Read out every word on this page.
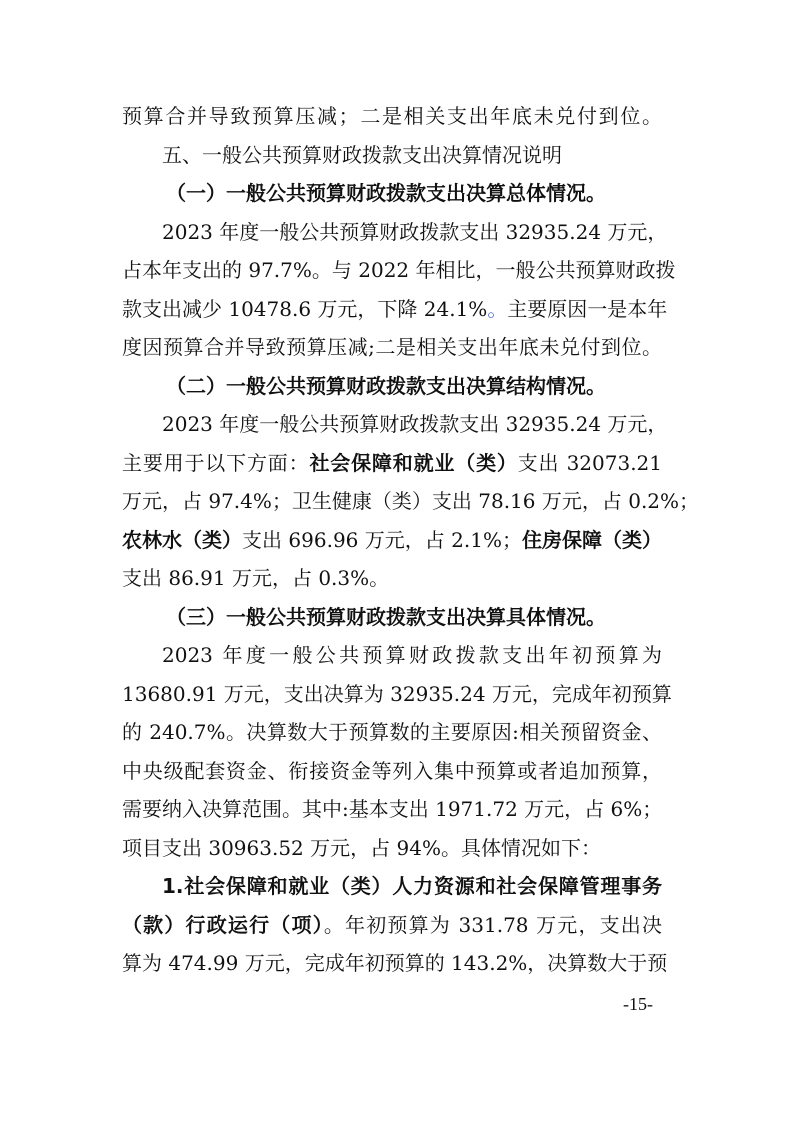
预算合并导致预算压减；二是相关支出年底未兑付到位。
五、一般公共预算财政拨款支出决算情况说明
（一）一般公共预算财政拨款支出决算总体情况。
2023 年度一般公共预算财政拨款支出 32935.24 万元，
占本年支出的 97.7%。与 2022 年相比，一般公共预算财政拨
款支出减少 10478.6 万元，下降 24.1%。主要原因一是本年
度因预算合并导致预算压减;二是相关支出年底未兑付到位。
（二）一般公共预算财政拨款支出决算结构情况。
2023 年度一般公共预算财政拨款支出 32935.24 万元，
主要用于以下方面：社会保障和就业（类）支出 32073.21
万元，占 97.4%；卫生健康（类）支出 78.16 万元，占 0.2%；
农林水（类）支出 696.96 万元，占 2.1%；住房保障（类）
支出 86.91 万元，占 0.3%。
（三）一般公共预算财政拨款支出决算具体情况。
2023 年度一般公共预算财政拨款支出年初预算为
13680.91 万元，支出决算为 32935.24 万元，完成年初预算
的 240.7%。决算数大于预算数的主要原因:相关预留资金、
中央级配套资金、衔接资金等列入集中预算或者追加预算，
需要纳入决算范围。其中:基本支出 1971.72 万元，占 6%；
项目支出 30963.52 万元，占 94%。具体情况如下：
1.社会保障和就业（类）人力资源和社会保障管理事务
（款）行政运行（项）。年初预算为 331.78 万元，支出决
算为 474.99 万元，完成年初预算的 143.2%，决算数大于预
-15-
